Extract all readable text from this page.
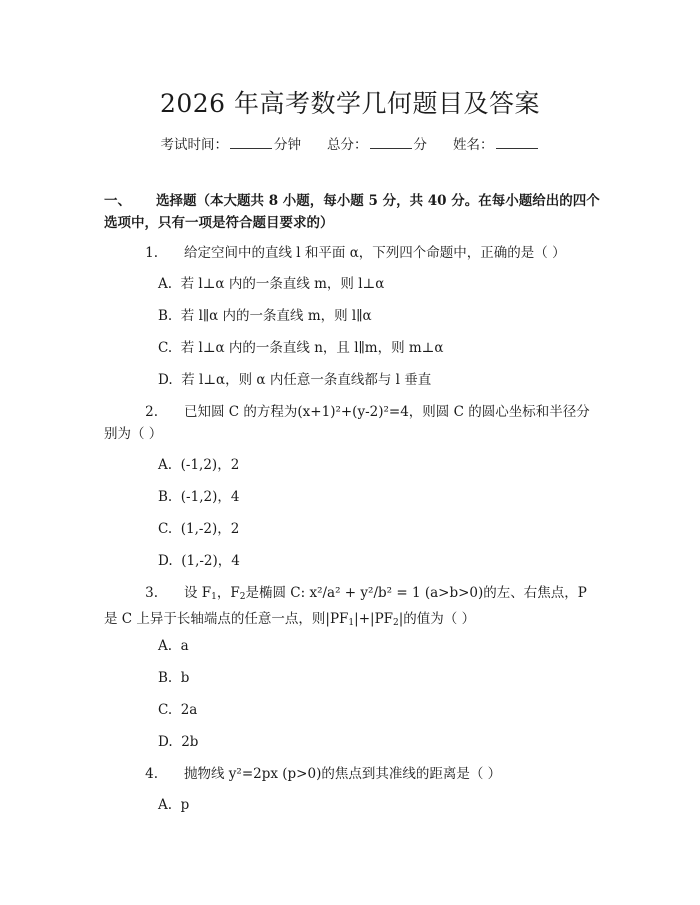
2026 年高考数学几何题目及答案
考试时间：	分钟 总分：	分 姓名：
一、 选择题（本大题共 8 小题，每小题 5 分，共 40 分。在每小题给出的四个选项中，只有一项是符合题目要求的）
1. 给定空间中的直线 l 和平面 α，下列四个命题中，正确的是（ ）
A.  若 l⊥α 内的一条直线 m，则 l⊥α
B.  若 l∥α 内的一条直线 m，则 l∥α
C.  若 l⊥α 内的一条直线 n，且 l∥m，则 m⊥α
D.  若 l⊥α，则 α 内任意一条直线都与 l 垂直
2. 已知圆 C 的方程为(x+1)²+(y-2)²=4，则圆 C 的圆心坐标和半径分别为（ ）
A.  (-1,2)，2
B.  (-1,2)，4
C.  (1,-2)，2
D.  (1,-2)，4
3. 设 $F_1$，$F_2$是椭圆 C: x²/a² + y²/b² = 1 (a>b>0)的左、右焦点，P 是 C 上异于长轴端点的任意一点，则$|PF_1|+|PF_2|$的值为（ ）
A.  a
B.  b
C.  2a
D.  2b
4. 抛物线 y²=2px (p>0)的焦点到其准线的距离是（ ）
A.  p
